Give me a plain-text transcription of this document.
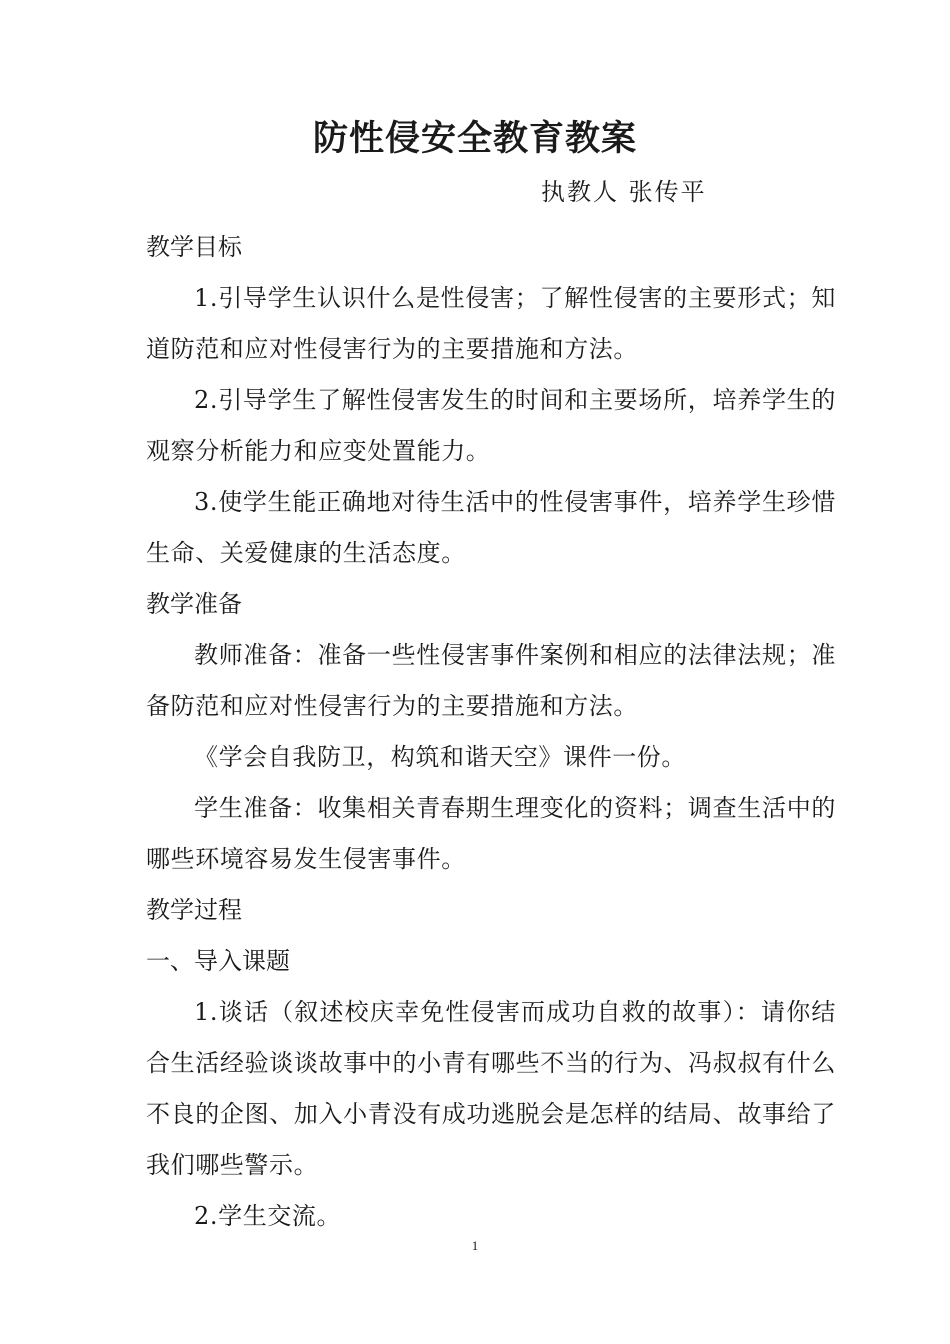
防性侵安全教育教案
执教人 张传平
教学目标

1.引导学生认识什么是性侵害；了解性侵害的主要形式；知道防范和应对性侵害行为的主要措施和方法。

2.引导学生了解性侵害发生的时间和主要场所，培养学生的观察分析能力和应变处置能力。

3.使学生能正确地对待生活中的性侵害事件，培养学生珍惜生命、关爱健康的生活态度。

教学准备

教师准备：准备一些性侵害事件案例和相应的法律法规；准备防范和应对性侵害行为的主要措施和方法。

《学会自我防卫，构筑和谐天空》课件一份。

学生准备：收集相关青春期生理变化的资料；调查生活中的哪些环境容易发生侵害事件。

教学过程
一、导入课题

1.谈话（叙述校庆幸免性侵害而成功自救的故事）：请你结合生活经验谈谈故事中的小青有哪些不当的行为、冯叔叔有什么不良的企图、加入小青没有成功逃脱会是怎样的结局、故事给了我们哪些警示。

2.学生交流。

1
